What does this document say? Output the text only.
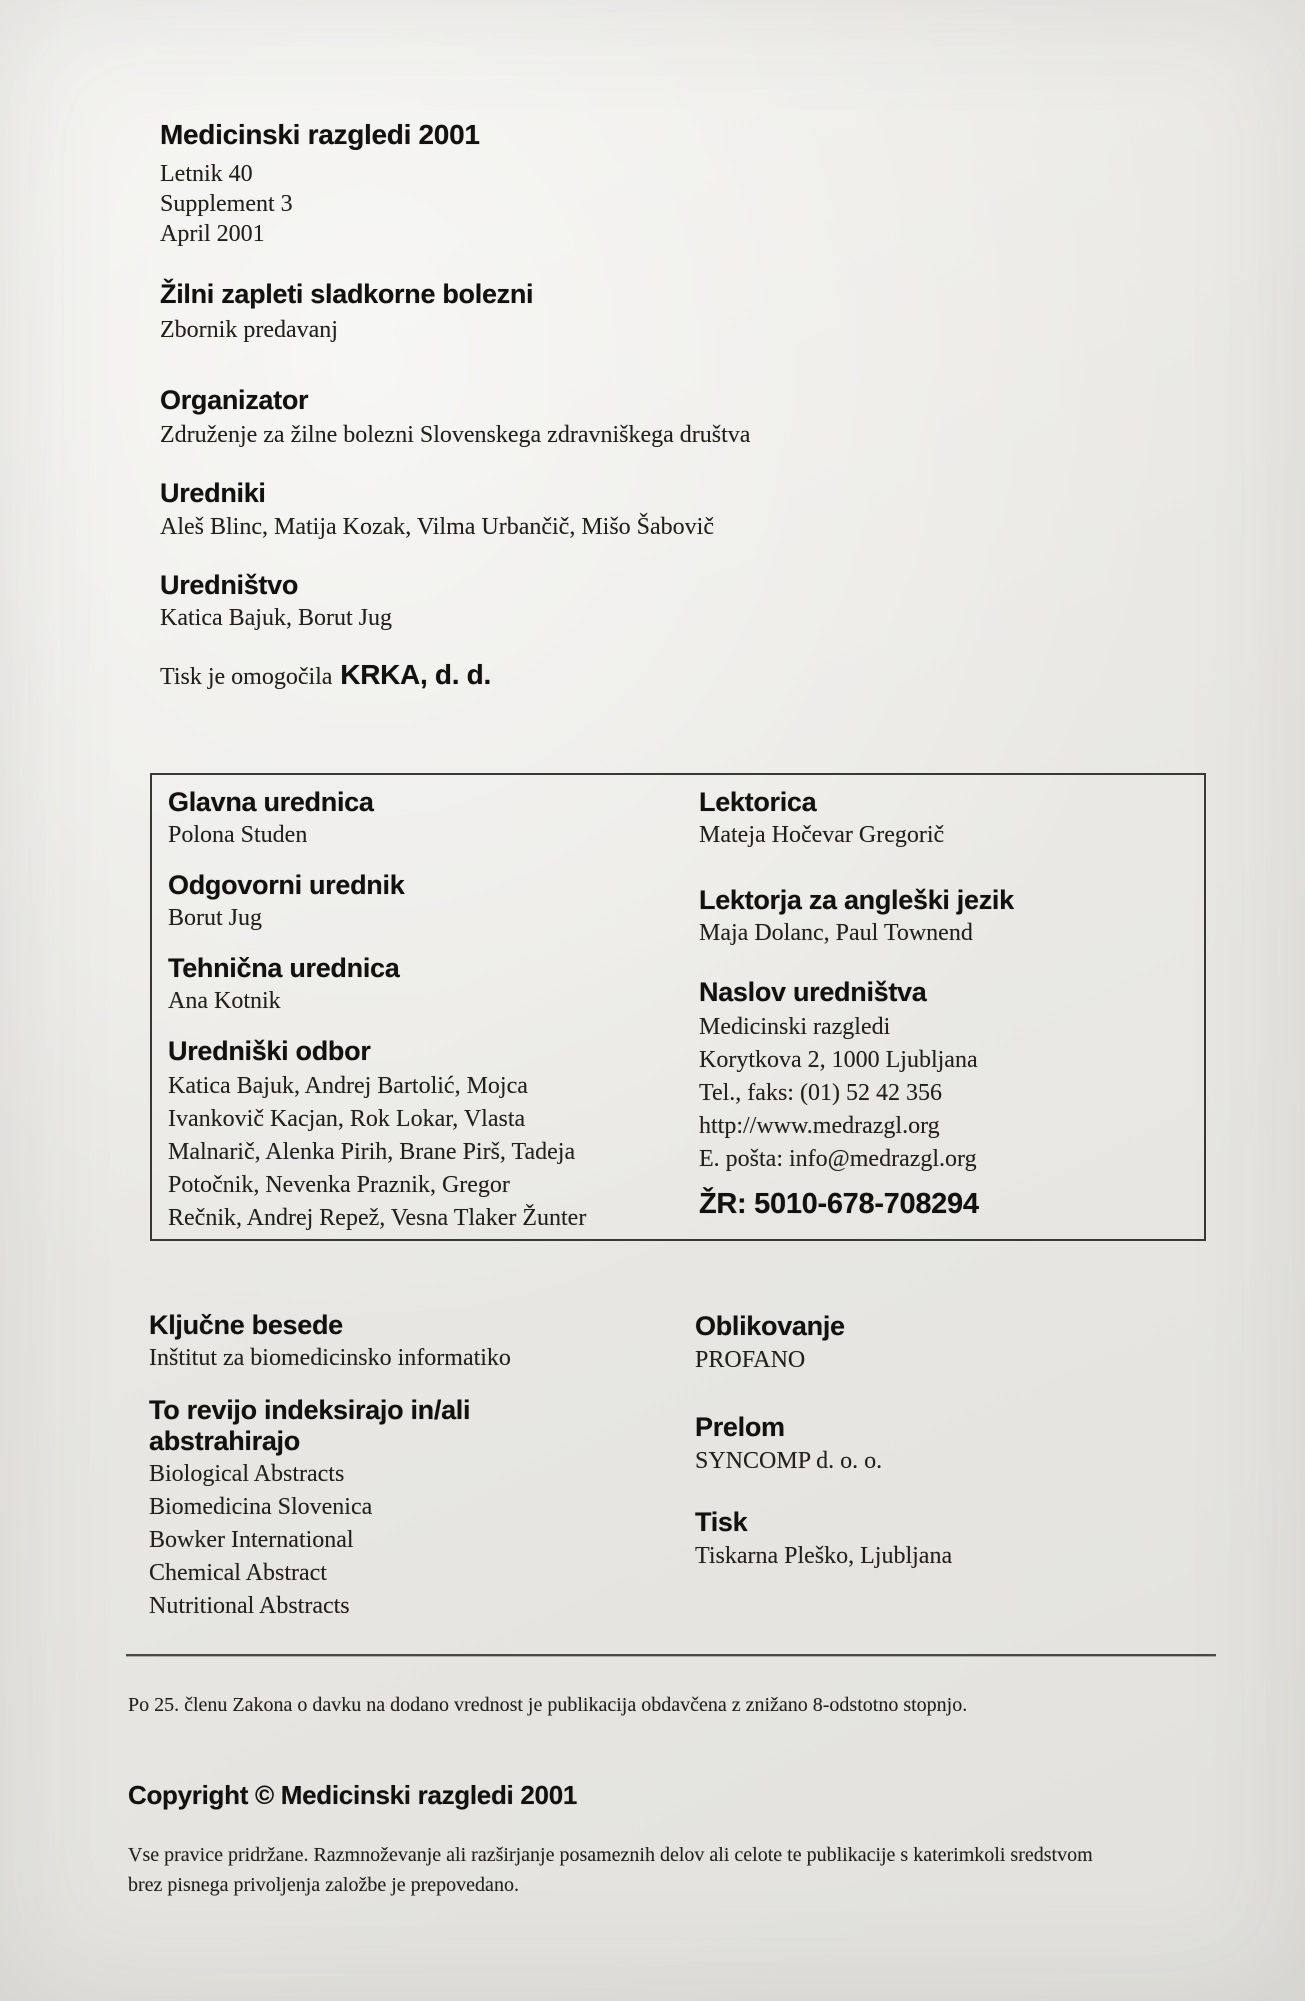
Medicinski razgledi 2001
Letnik 40
Supplement 3
April 2001
Žilni zapleti sladkorne bolezni
Zbornik predavanj
Organizator
Združenje za žilne bolezni Slovenskega zdravniškega društva
Uredniki
Aleš Blinc, Matija Kozak, Vilma Urbančič, Mišo Šabovič
Uredništvo
Katica Bajuk, Borut Jug
Tisk je omogočila KRKA, d. d.
Glavna urednica
Polona Studen
Odgovorni urednik
Borut Jug
Tehnična urednica
Ana Kotnik
Uredniški odbor
Katica Bajuk, Andrej Bartolić, Mojca
Ivankovič Kacjan, Rok Lokar, Vlasta
Malnarič, Alenka Pirih, Brane Pirš, Tadeja
Potočnik, Nevenka Praznik, Gregor
Rečnik, Andrej Repež, Vesna Tlaker Žunter
Lektorica
Mateja Hočevar Gregorič
Lektorja za angleški jezik
Maja Dolanc, Paul Townend
Naslov uredništva
Medicinski razgledi
Korytkova 2, 1000 Ljubljana
Tel., faks: (01) 52 42 356
http://www.medrazgl.org
E. pošta: info@medrazgl.org
ŽR: 5010-678-708294
Ključne besede
Inštitut za biomedicinsko informatiko
To revijo indeksirajo in/ali
abstrahirajo
Biological Abstracts
Biomedicina Slovenica
Bowker International
Chemical Abstract
Nutritional Abstracts
Oblikovanje
PROFANO
Prelom
SYNCOMP d. o. o.
Tisk
Tiskarna Pleško, Ljubljana
Po 25. členu Zakona o davku na dodano vrednost je publikacija obdavčena z znižano 8-odstotno stopnjo.
Copyright © Medicinski razgledi 2001
Vse pravice pridržane. Razmnoževanje ali razširjanje posameznih delov ali celote te publikacije s katerimkoli sredstvom
brez pisnega privoljenja založbe je prepovedano.
